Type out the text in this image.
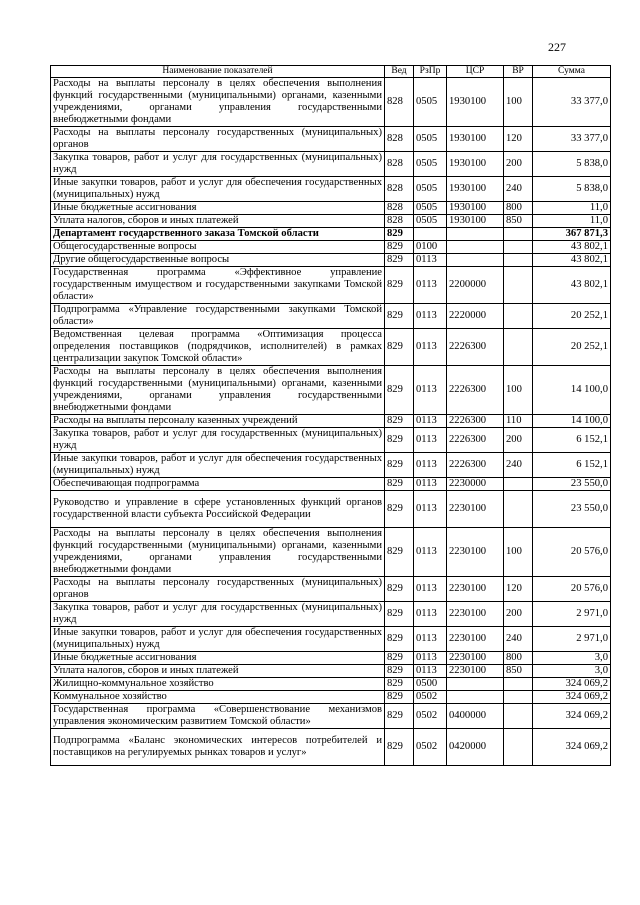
227
Наименование показателей	Вед	РзПр	ЦСР	ВР	Сумма
Расходы на выплаты персоналу в целях обеспечения выполнения функций государственными (муниципальными) органами, казенными учреждениями, органами управления государственными внебюджетными фондами	828	0505	1930100	100	33 377,0
Расходы на выплаты персоналу государственных (муниципальных) органов	828	0505	1930100	120	33 377,0
Закупка товаров, работ и услуг для государственных (муниципальных) нужд	828	0505	1930100	200	5 838,0
Иные закупки товаров, работ и услуг для обеспечения государственных (муниципальных) нужд	828	0505	1930100	240	5 838,0
Иные бюджетные ассигнования	828	0505	1930100	800	11,0
Уплата налогов, сборов и иных платежей	828	0505	1930100	850	11,0
Департамент государственного заказа Томской области	829				367 871,3
Общегосударственные вопросы	829	0100			43 802,1
Другие общегосударственные вопросы	829	0113			43 802,1
Государственная программа «Эффективное управление государственным имуществом и государственными закупками Томской области»	829	0113	2200000		43 802,1
Подпрограмма «Управление государственными закупками Томской области»	829	0113	2220000		20 252,1
Ведомственная целевая программа «Оптимизация процесса определения поставщиков (подрядчиков, исполнителей) в рамках централизации закупок Томской области»	829	0113	2226300		20 252,1
Расходы на выплаты персоналу в целях обеспечения выполнения функций государственными (муниципальными) органами, казенными учреждениями, органами управления государственными внебюджетными фондами	829	0113	2226300	100	14 100,0
Расходы на выплаты персоналу казенных учреждений	829	0113	2226300	110	14 100,0
Закупка товаров, работ и услуг для государственных (муниципальных) нужд	829	0113	2226300	200	6 152,1
Иные закупки товаров, работ и услуг для обеспечения государственных (муниципальных) нужд	829	0113	2226300	240	6 152,1
Обеспечивающая подпрограмма	829	0113	2230000		23 550,0
Руководство и управление в сфере установленных функций органов государственной власти субъекта Российской Федерации	829	0113	2230100		23 550,0
Расходы на выплаты персоналу в целях обеспечения выполнения функций государственными (муниципальными) органами, казенными учреждениями, органами управления государственными внебюджетными фондами	829	0113	2230100	100	20 576,0
Расходы на выплаты персоналу государственных (муниципальных) органов	829	0113	2230100	120	20 576,0
Закупка товаров, работ и услуг для государственных (муниципальных) нужд	829	0113	2230100	200	2 971,0
Иные закупки товаров, работ и услуг для обеспечения государственных (муниципальных) нужд	829	0113	2230100	240	2 971,0
Иные бюджетные ассигнования	829	0113	2230100	800	3,0
Уплата налогов, сборов и иных платежей	829	0113	2230100	850	3,0
Жилищно-коммунальное хозяйство	829	0500			324 069,2
Коммунальное хозяйство	829	0502			324 069,2
Государственная программа «Совершенствование механизмов управления экономическим развитием Томской области»	829	0502	0400000		324 069,2
Подпрограмма «Баланс экономических интересов потребителей и поставщиков на регулируемых рынках товаров и услуг»	829	0502	0420000		324 069,2
